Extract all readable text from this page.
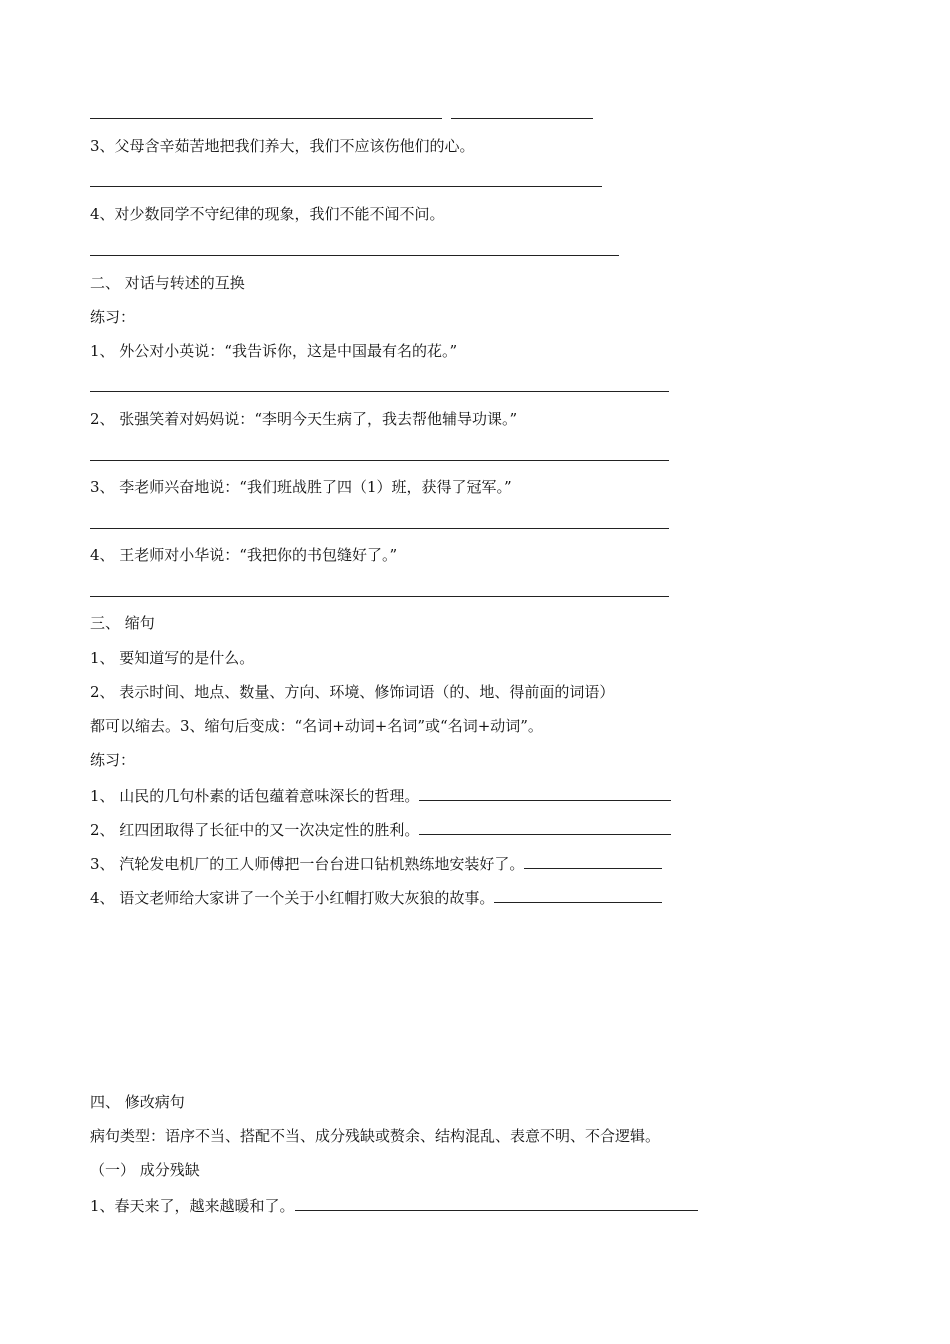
3、父母含辛茹苦地把我们养大，我们不应该伤他们的心。
4、对少数同学不守纪律的现象，我们不能不闻不问。
二、 对话与转述的互换
练习：
1、 外公对小英说：“我告诉你，这是中国最有名的花。”
2、 张强笑着对妈妈说：“李明今天生病了，我去帮他辅导功课。”
3、 李老师兴奋地说：“我们班战胜了四（1）班，获得了冠军。”
4、 王老师对小华说：“我把你的书包缝好了。”
三、 缩句
1、 要知道写的是什么。
2、 表示时间、地点、数量、方向、环境、修饰词语（的、地、得前面的词语）
都可以缩去。3、缩句后变成：“名词+动词+名词”或“名词+动词”。
练习：
1、 山民的几句朴素的话包蕴着意味深长的哲理。
2、 红四团取得了长征中的又一次决定性的胜利。
3、 汽轮发电机厂的工人师傅把一台台进口钻机熟练地安装好了。
4、 语文老师给大家讲了一个关于小红帽打败大灰狼的故事。
四、 修改病句
病句类型：语序不当、搭配不当、成分残缺或赘余、结构混乱、表意不明、不合逻辑。
（一） 成分残缺
1、春天来了，越来越暖和了。
